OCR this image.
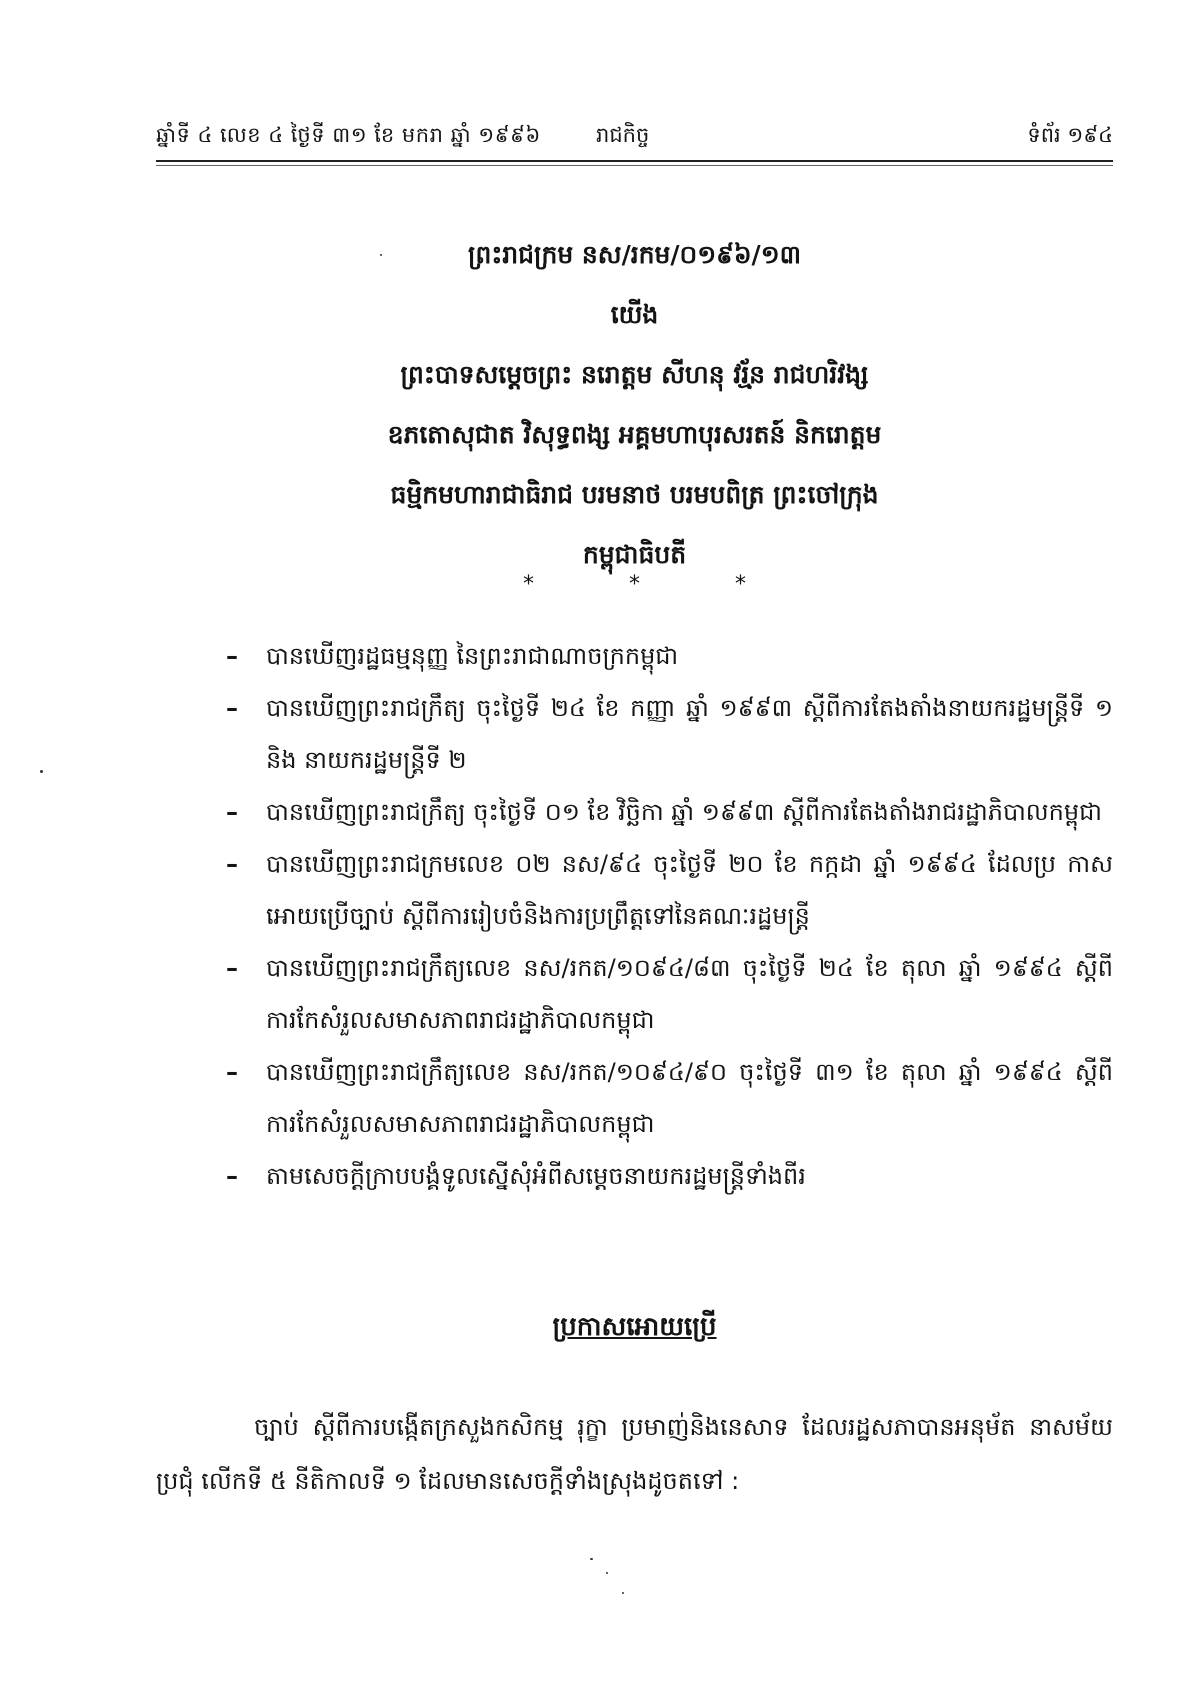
ឆ្នាំទី ៤ លេខ ៤ ថ្ងៃទី ៣១ ខែ មករា ឆ្នាំ ១៩៩៦	រាជកិច្ច	ទំព័រ ១៩៤
ព្រះរាជក្រម នស/រកម/០១៩៦/១៣
យើង
ព្រះបាទសម្តេចព្រះ នរោត្តម សីហនុ វរ្ម័ន រាជហរិវង្ស
ឧភតោសុជាត វិសុទ្ធពង្ស អគ្គមហាបុរសរតន៍ និករោត្តម
ធម្មិកមហារាជាធិរាជ បរមនាថ បរមបពិត្រ ព្រះចៅក្រុង
កម្ពុជាធិបតី
* * *
– បានឃើញរដ្ឋធម្មនុញ្ញ នៃព្រះរាជាណាចក្រកម្ពុជា
– បានឃើញព្រះរាជក្រឹត្យ ចុះថ្ងៃទី ២៤ ខែ កញ្ញា ឆ្នាំ ១៩៩៣ ស្តីពីការតែងតាំងនាយករដ្ឋមន្ត្រីទី ១ និង នាយករដ្ឋមន្ត្រីទី ២
– បានឃើញព្រះរាជក្រឹត្យ ចុះថ្ងៃទី ០១ ខែ វិច្ឆិកា ឆ្នាំ ១៩៩៣ ស្តីពីការតែងតាំងរាជរដ្ឋាភិបាលកម្ពុជា
– បានឃើញព្រះរាជក្រមលេខ ០២ នស/៩៤ ចុះថ្ងៃទី ២០ ខែ កក្កដា ឆ្នាំ ១៩៩៤ ដែលប្រ កាសអោយប្រើច្បាប់ ស្តីពីការរៀបចំនិងការប្រព្រឹត្តទៅនៃគណៈរដ្ឋមន្ត្រី
– បានឃើញព្រះរាជក្រឹត្យលេខ នស/រកត/១០៩៤/៨៣ ចុះថ្ងៃទី ២៤ ខែ តុលា ឆ្នាំ ១៩៩៤ ស្តីពីការកែសំរួលសមាសភាពរាជរដ្ឋាភិបាលកម្ពុជា
– បានឃើញព្រះរាជក្រឹត្យលេខ នស/រកត/១០៩៤/៩០ ចុះថ្ងៃទី ៣១ ខែ តុលា ឆ្នាំ ១៩៩៤ ស្តីពីការកែសំរួលសមាសភាពរាជរដ្ឋាភិបាលកម្ពុជា
– តាមសេចក្តីក្រាបបង្គំទូលស្នើសុំអំពីសម្តេចនាយករដ្ឋមន្ត្រីទាំងពីរ
ប្រកាសអោយប្រើ
ច្បាប់ ស្តីពីការបង្កើតក្រសួងកសិកម្ម រុក្ខា ប្រមាញ់និងនេសាទ ដែលរដ្ឋសភាបានអនុម័ត នាសម័យប្រជុំ លើកទី ៥ នីតិកាលទី ១ ដែលមានសេចក្តីទាំងស្រុងដូចតទៅ :
